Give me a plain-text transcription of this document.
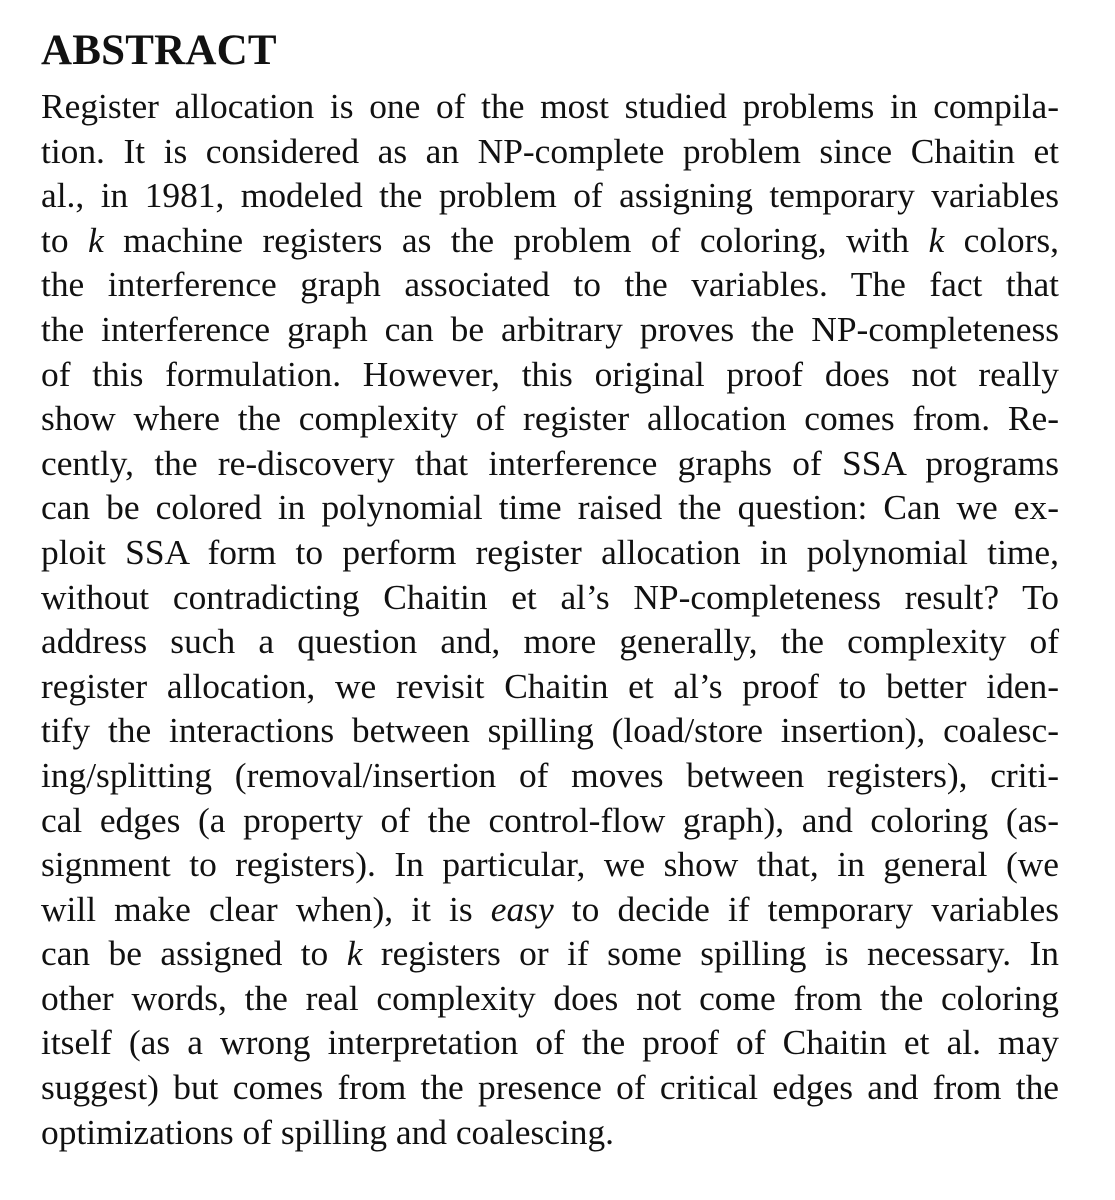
ABSTRACT
Register allocation is one of the most studied problems in compila-
tion. It is considered as an NP-complete problem since Chaitin et
al., in 1981, modeled the problem of assigning temporary variables
to k machine registers as the problem of coloring, with k colors,
the interference graph associated to the variables. The fact that
the interference graph can be arbitrary proves the NP-completeness
of this formulation. However, this original proof does not really
show where the complexity of register allocation comes from. Re-
cently, the re-discovery that interference graphs of SSA programs
can be colored in polynomial time raised the question: Can we ex-
ploit SSA form to perform register allocation in polynomial time,
without contradicting Chaitin et al’s NP-completeness result? To
address such a question and, more generally, the complexity of
register allocation, we revisit Chaitin et al’s proof to better iden-
tify the interactions between spilling (load/store insertion), coalesc-
ing/splitting (removal/insertion of moves between registers), criti-
cal edges (a property of the control-flow graph), and coloring (as-
signment to registers). In particular, we show that, in general (we
will make clear when), it is easy to decide if temporary variables
can be assigned to k registers or if some spilling is necessary. In
other words, the real complexity does not come from the coloring
itself (as a wrong interpretation of the proof of Chaitin et al. may
suggest) but comes from the presence of critical edges and from the
optimizations of spilling and coalescing.
